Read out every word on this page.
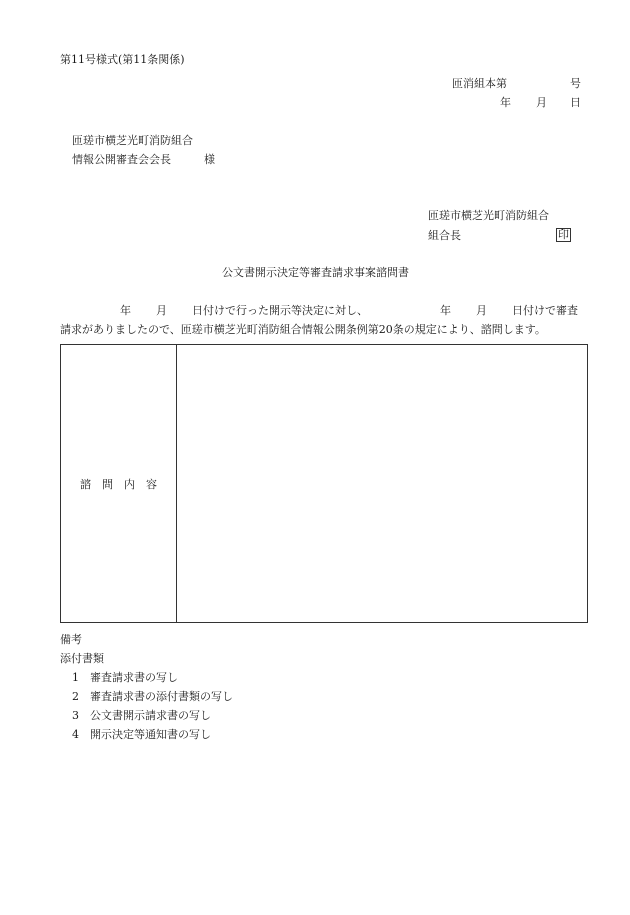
第11号様式(第11条関係)
匝消組本第	号
年 月 日
匝瑳市横芝光町消防組合
情報公開審査会会長	様
匝瑳市横芝光町消防組合
組合長	印
公文書開示決定等審査請求事案諮問書
年 月 日付けで行った開示等決定に対し、	年 月 日付けで審査
請求がありましたので、匝瑳市横芝光町消防組合情報公開条例第20条の規定により、諮問します。
諮　問　内　容
備考
添付書類
1 審査請求書の写し
2 審査請求書の添付書類の写し
3 公文書開示請求書の写し
4 開示決定等通知書の写し
